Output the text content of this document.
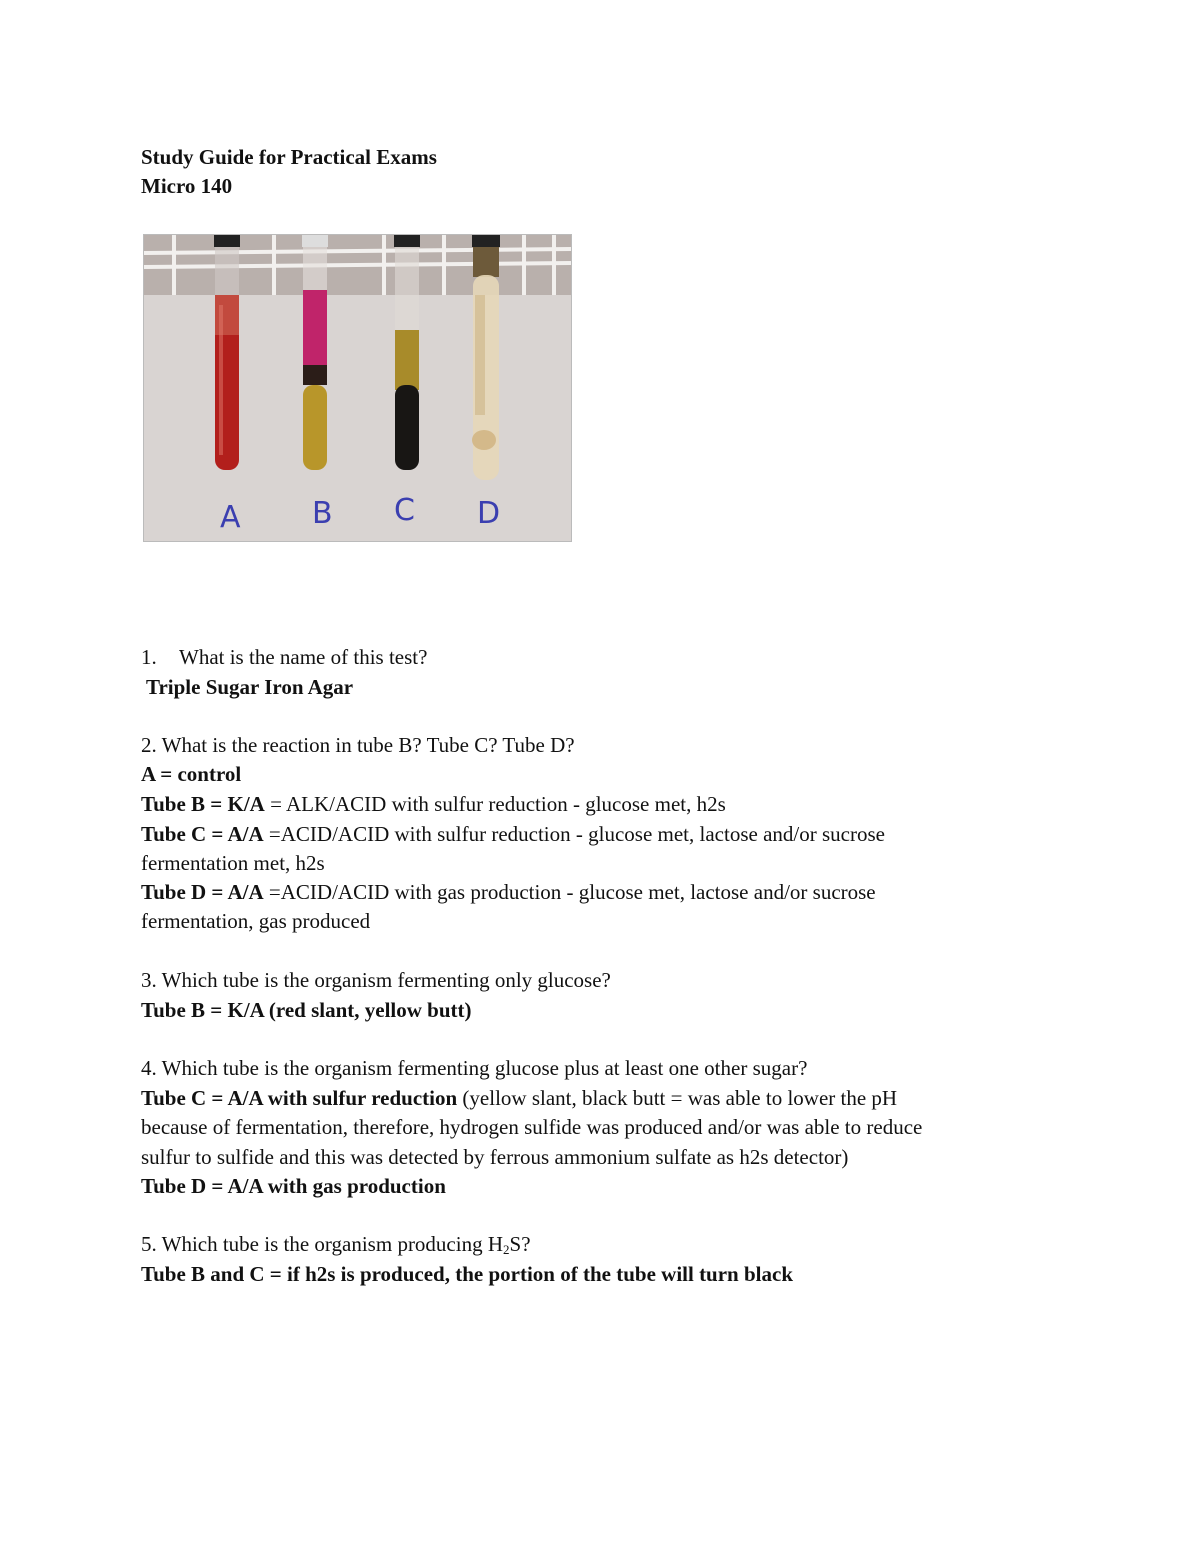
Study Guide for Practical Exams
Micro 140
A B C D
1. What is the name of this test?
Triple Sugar Iron Agar
2. What is the reaction in tube B? Tube C? Tube D?
A = control
Tube B = K/A = ALK/ACID with sulfur reduction - glucose met, h2s
Tube C = A/A =ACID/ACID with sulfur reduction - glucose met, lactose and/or sucrose
fermentation met, h2s
Tube D = A/A =ACID/ACID with gas production - glucose met, lactose and/or sucrose
fermentation, gas produced
3. Which tube is the organism fermenting only glucose?
Tube B = K/A (red slant, yellow butt)
4. Which tube is the organism fermenting glucose plus at least one other sugar?
Tube C = A/A with sulfur reduction (yellow slant, black butt = was able to lower the pH
because of fermentation, therefore, hydrogen sulfide was produced and/or was able to reduce
sulfur to sulfide and this was detected by ferrous ammonium sulfate as h2s detector)
Tube D = A/A with gas production
5. Which tube is the organism producing $H_2S$?
Tube B and C = if h2s is produced, the portion of the tube will turn black
